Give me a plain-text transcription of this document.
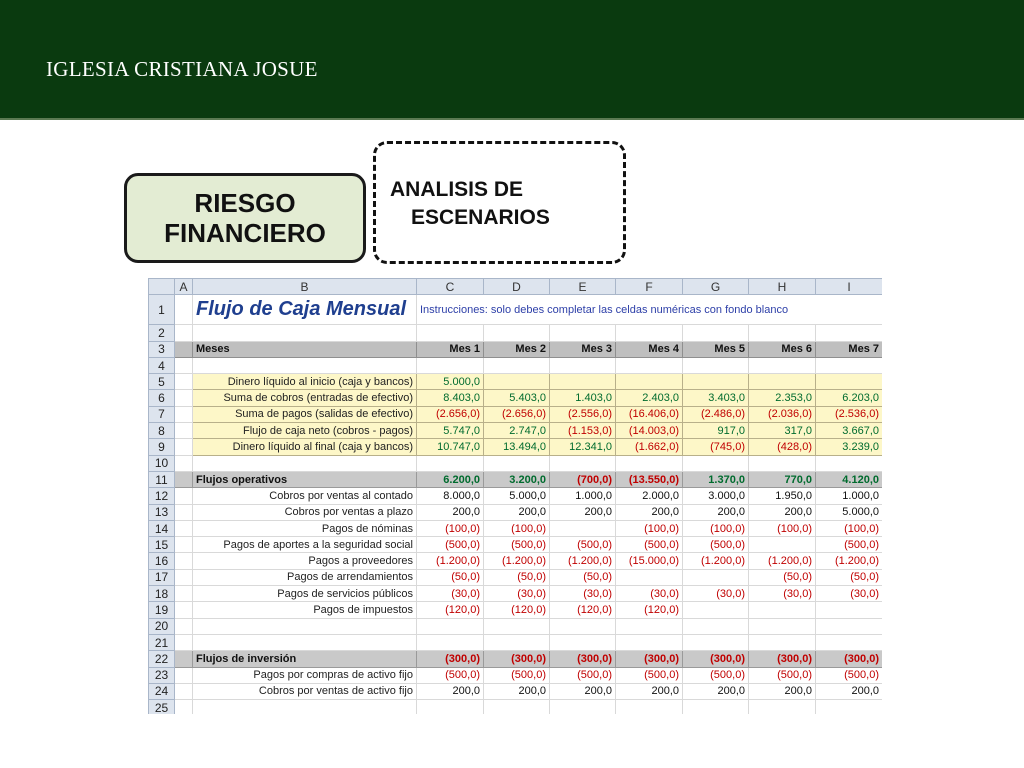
IGLESIA CRISTIANA JOSUE
RIESGO
FINANCIERO
ANALISIS DE
ESCENARIOS
	A	B	C	D	E	F	G	H	I
1		Flujo de Caja Mensual	Instrucciones: solo debes completar las celdas numéricas con fondo blanco						
2									
3		Meses	Mes 1	Mes 2	Mes 3	Mes 4	Mes 5	Mes 6	Mes 7
4									
5		Dinero líquido al inicio (caja y bancos)	5.000,0						
6		Suma de cobros (entradas de efectivo)	8.403,0	5.403,0	1.403,0	2.403,0	3.403,0	2.353,0	6.203,0
7		Suma de pagos (salidas de efectivo)	(2.656,0)	(2.656,0)	(2.556,0)	(16.406,0)	(2.486,0)	(2.036,0)	(2.536,0)
8		Flujo de caja neto (cobros - pagos)	5.747,0	2.747,0	(1.153,0)	(14.003,0)	917,0	317,0	3.667,0
9		Dinero líquido al final (caja y bancos)	10.747,0	13.494,0	12.341,0	(1.662,0)	(745,0)	(428,0)	3.239,0
10									
11		Flujos operativos	6.200,0	3.200,0	(700,0)	(13.550,0)	1.370,0	770,0	4.120,0
12		Cobros por ventas al contado	8.000,0	5.000,0	1.000,0	2.000,0	3.000,0	1.950,0	1.000,0
13		Cobros por ventas a plazo	200,0	200,0	200,0	200,0	200,0	200,0	5.000,0
14		Pagos de nóminas	(100,0)	(100,0)		(100,0)	(100,0)	(100,0)	(100,0)
15		Pagos de aportes a la seguridad social	(500,0)	(500,0)	(500,0)	(500,0)	(500,0)		(500,0)
16		Pagos a proveedores	(1.200,0)	(1.200,0)	(1.200,0)	(15.000,0)	(1.200,0)	(1.200,0)	(1.200,0)
17		Pagos de arrendamientos	(50,0)	(50,0)	(50,0)			(50,0)	(50,0)
18		Pagos de servicios públicos	(30,0)	(30,0)	(30,0)	(30,0)	(30,0)	(30,0)	(30,0)
19		Pagos de impuestos	(120,0)	(120,0)	(120,0)	(120,0)			
20									
21									
22		Flujos de inversión	(300,0)	(300,0)	(300,0)	(300,0)	(300,0)	(300,0)	(300,0)
23		Pagos por compras de activo fijo	(500,0)	(500,0)	(500,0)	(500,0)	(500,0)	(500,0)	(500,0)
24		Cobros por ventas de activo fijo	200,0	200,0	200,0	200,0	200,0	200,0	200,0
25									
